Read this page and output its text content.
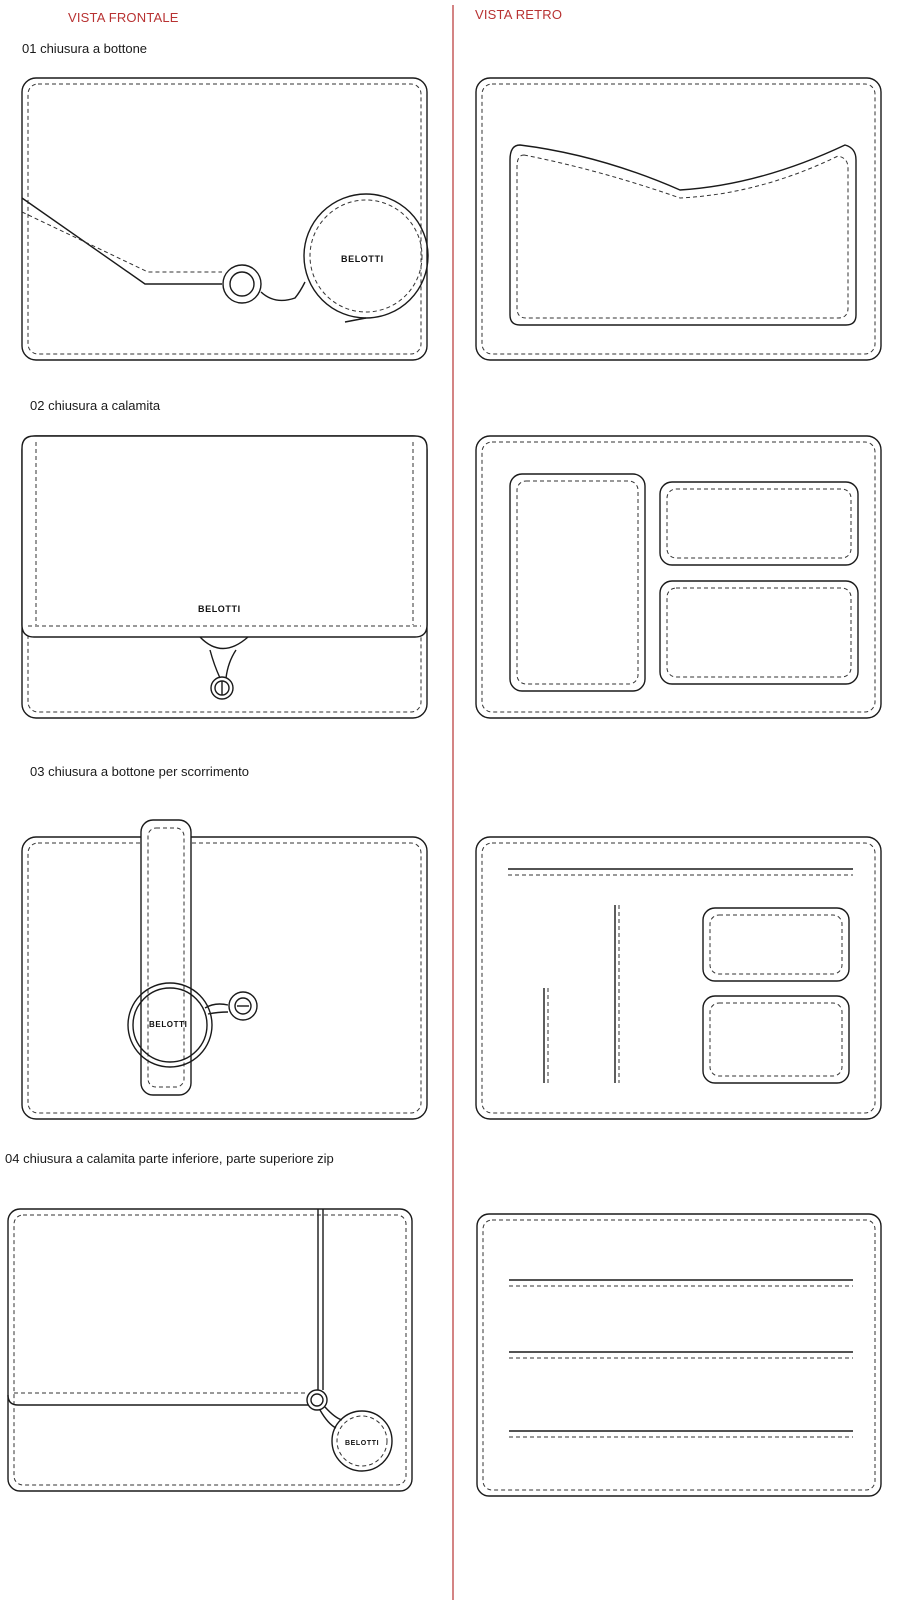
VISTA FRONTALE	VISTA RETRO
01 chiusura a bottone
02 chiusura a calamita
03 chiusura a bottone per scorrimento
04 chiusura a calamita parte inferiore, parte superiore zip
BELOTTI
BELOTTI
BELOTTI
BELOTTI
